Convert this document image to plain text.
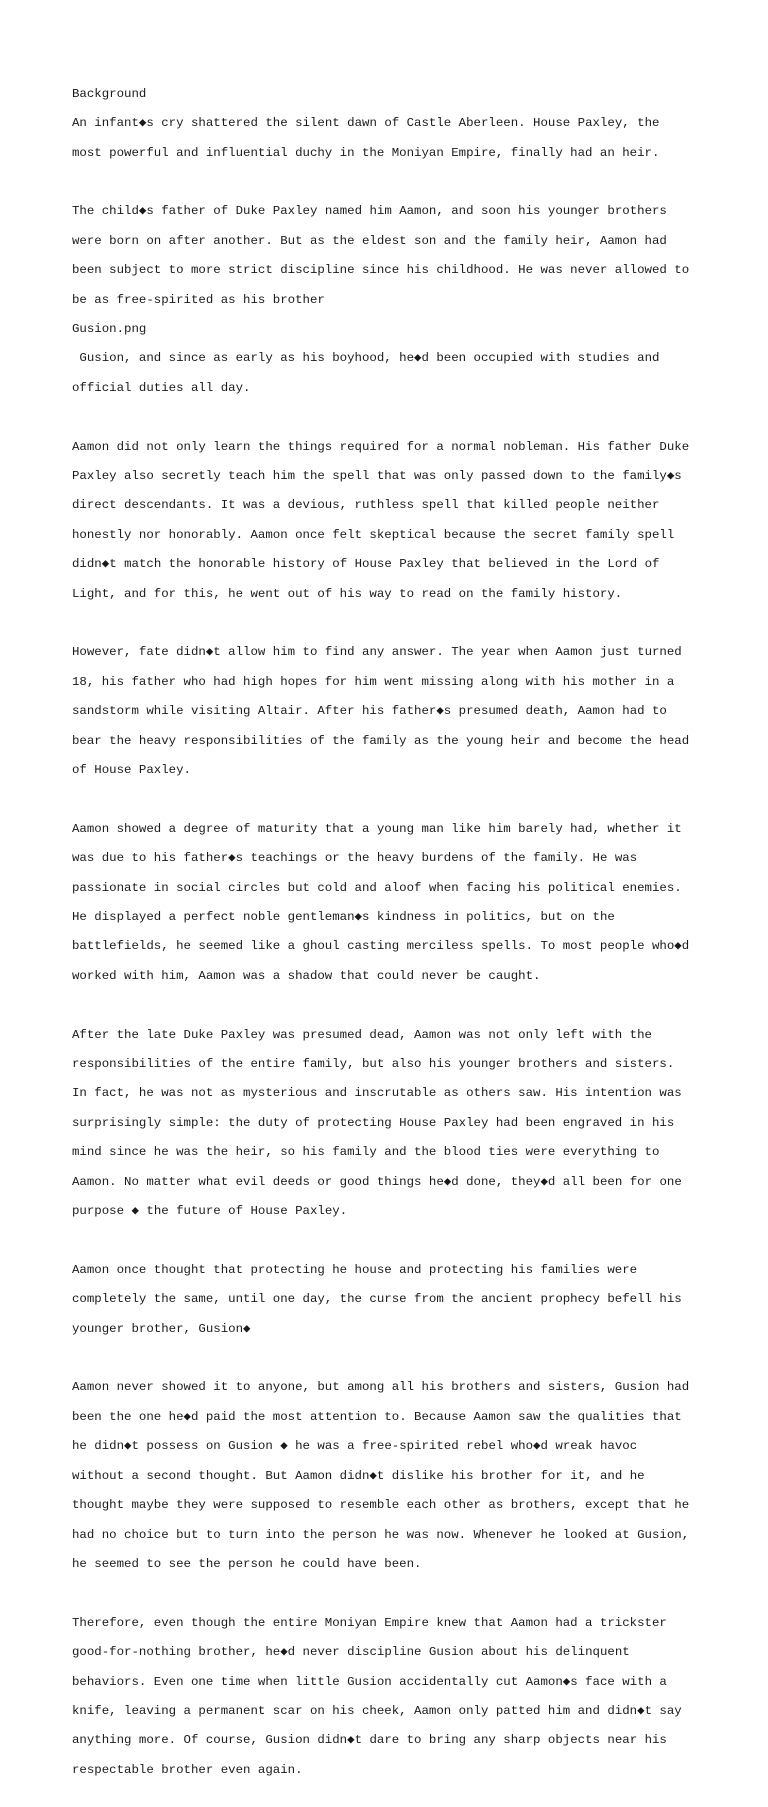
Background

An infant◆s cry shattered the silent dawn of Castle Aberleen. House Paxley, the

most powerful and influential duchy in the Moniyan Empire, finally had an heir.

The child◆s father of Duke Paxley named him Aamon, and soon his younger brothers

were born on after another. But as the eldest son and the family heir, Aamon had

been subject to more strict discipline since his childhood. He was never allowed to

be as free-spirited as his brother

Gusion.png

Gusion, and since as early as his boyhood, he◆d been occupied with studies and

official duties all day.

Aamon did not only learn the things required for a normal nobleman. His father Duke

Paxley also secretly teach him the spell that was only passed down to the family◆s

direct descendants. It was a devious, ruthless spell that killed people neither

honestly nor honorably. Aamon once felt skeptical because the secret family spell

didn◆t match the honorable history of House Paxley that believed in the Lord of

Light, and for this, he went out of his way to read on the family history.

However, fate didn◆t allow him to find any answer. The year when Aamon just turned

18, his father who had high hopes for him went missing along with his mother in a

sandstorm while visiting Altair. After his father◆s presumed death, Aamon had to

bear the heavy responsibilities of the family as the young heir and become the head

of House Paxley.

Aamon showed a degree of maturity that a young man like him barely had, whether it

was due to his father◆s teachings or the heavy burdens of the family. He was

passionate in social circles but cold and aloof when facing his political enemies.

He displayed a perfect noble gentleman◆s kindness in politics, but on the

battlefields, he seemed like a ghoul casting merciless spells. To most people who◆d

worked with him, Aamon was a shadow that could never be caught.

After the late Duke Paxley was presumed dead, Aamon was not only left with the

responsibilities of the entire family, but also his younger brothers and sisters.

In fact, he was not as mysterious and inscrutable as others saw. His intention was

surprisingly simple: the duty of protecting House Paxley had been engraved in his

mind since he was the heir, so his family and the blood ties were everything to

Aamon. No matter what evil deeds or good things he◆d done, they◆d all been for one

purpose ◆ the future of House Paxley.

Aamon once thought that protecting he house and protecting his families were

completely the same, until one day, the curse from the ancient prophecy befell his

younger brother, Gusion◆

Aamon never showed it to anyone, but among all his brothers and sisters, Gusion had

been the one he◆d paid the most attention to. Because Aamon saw the qualities that

he didn◆t possess on Gusion ◆ he was a free-spirited rebel who◆d wreak havoc

without a second thought. But Aamon didn◆t dislike his brother for it, and he

thought maybe they were supposed to resemble each other as brothers, except that he

had no choice but to turn into the person he was now. Whenever he looked at Gusion,

he seemed to see the person he could have been.

Therefore, even though the entire Moniyan Empire knew that Aamon had a trickster

good-for-nothing brother, he◆d never discipline Gusion about his delinquent

behaviors. Even one time when little Gusion accidentally cut Aamon◆s face with a

knife, leaving a permanent scar on his cheek, Aamon only patted him and didn◆t say

anything more. Of course, Gusion didn◆t dare to bring any sharp objects near his

respectable brother even again.
